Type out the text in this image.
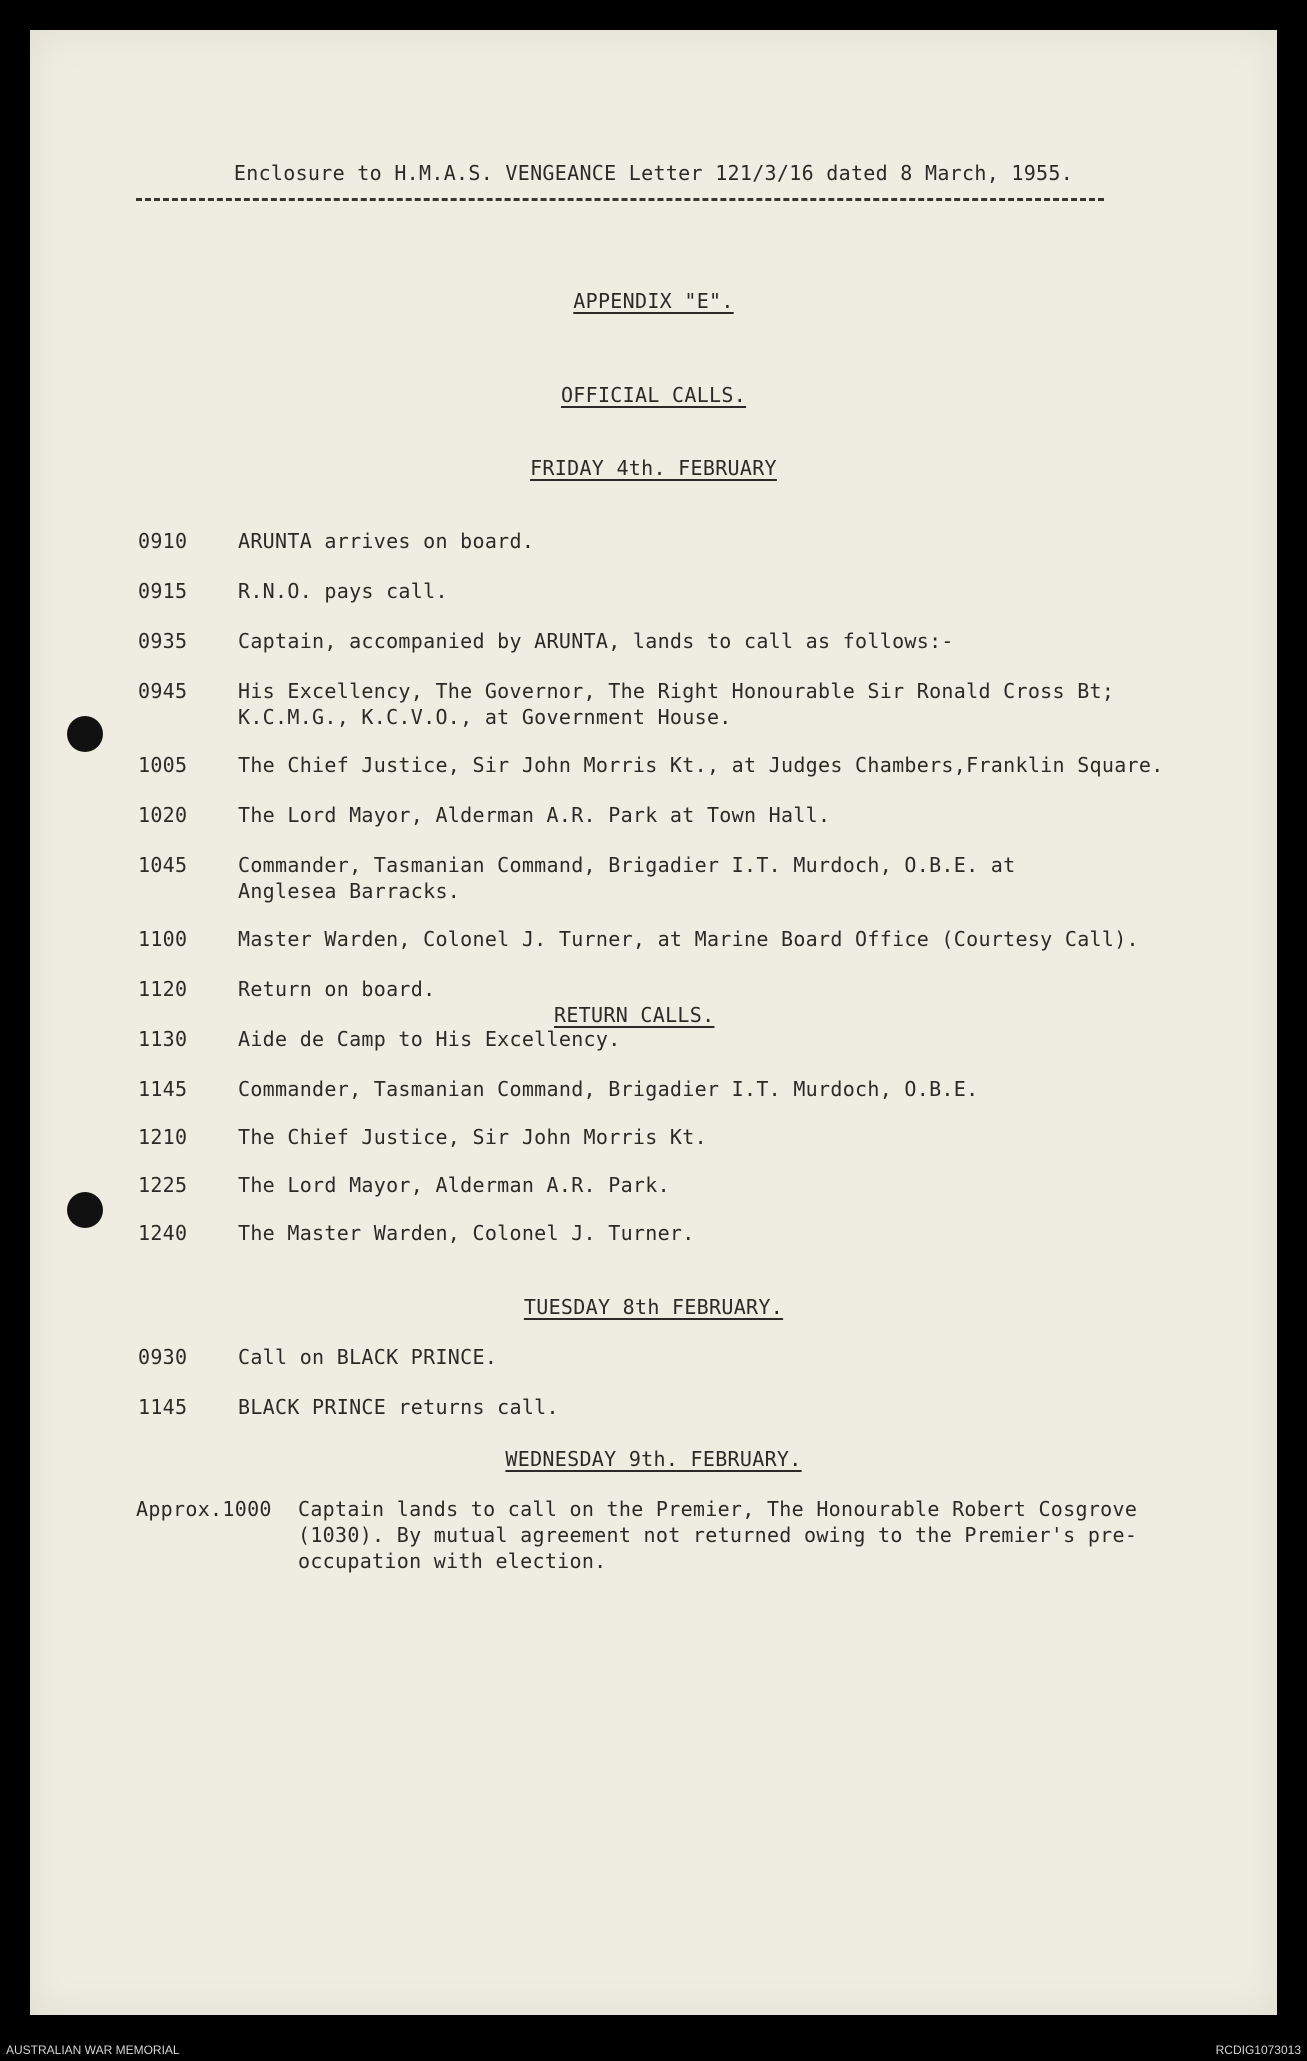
Enclosure to H.M.A.S. VENGEANCE Letter 121/3/16 dated 8 March, 1955.
APPENDIX "E".
OFFICIAL CALLS.
FRIDAY 4th. FEBRUARY
0910	ARUNTA arrives on board.
0915	R.N.O. pays call.
0935	Captain, accompanied by ARUNTA, lands to call as follows:-
0945	His Excellency, The Governor, The Right Honourable Sir Ronald Cross Bt; K.C.M.G., K.C.V.O., at Government House.
1005	The Chief Justice, Sir John Morris Kt., at Judges Chambers,Franklin Square.
1020	The Lord Mayor, Alderman A.R. Park at Town Hall.
1045	Commander, Tasmanian Command, Brigadier I.T. Murdoch, O.B.E. at Anglesea Barracks.
1100	Master Warden, Colonel J. Turner, at Marine Board Office (Courtesy Call).
1120	Return on board.
RETURN CALLS.
1130	Aide de Camp to His Excellency.
1145	Commander, Tasmanian Command, Brigadier I.T. Murdoch, O.B.E.
1210	The Chief Justice, Sir John Morris Kt.
1225	The Lord Mayor, Alderman A.R. Park.
1240	The Master Warden, Colonel J. Turner.
TUESDAY 8th FEBRUARY.
0930	Call on BLACK PRINCE.
1145	BLACK PRINCE returns call.
WEDNESDAY 9th. FEBRUARY.
Approx.1000 Captain lands to call on the Premier, The Honourable Robert Cosgrove (1030). By mutual agreement not returned owing to the Premier's pre-occupation with election.
AUSTRALIAN WAR MEMORIAL	RCDIG1073013
